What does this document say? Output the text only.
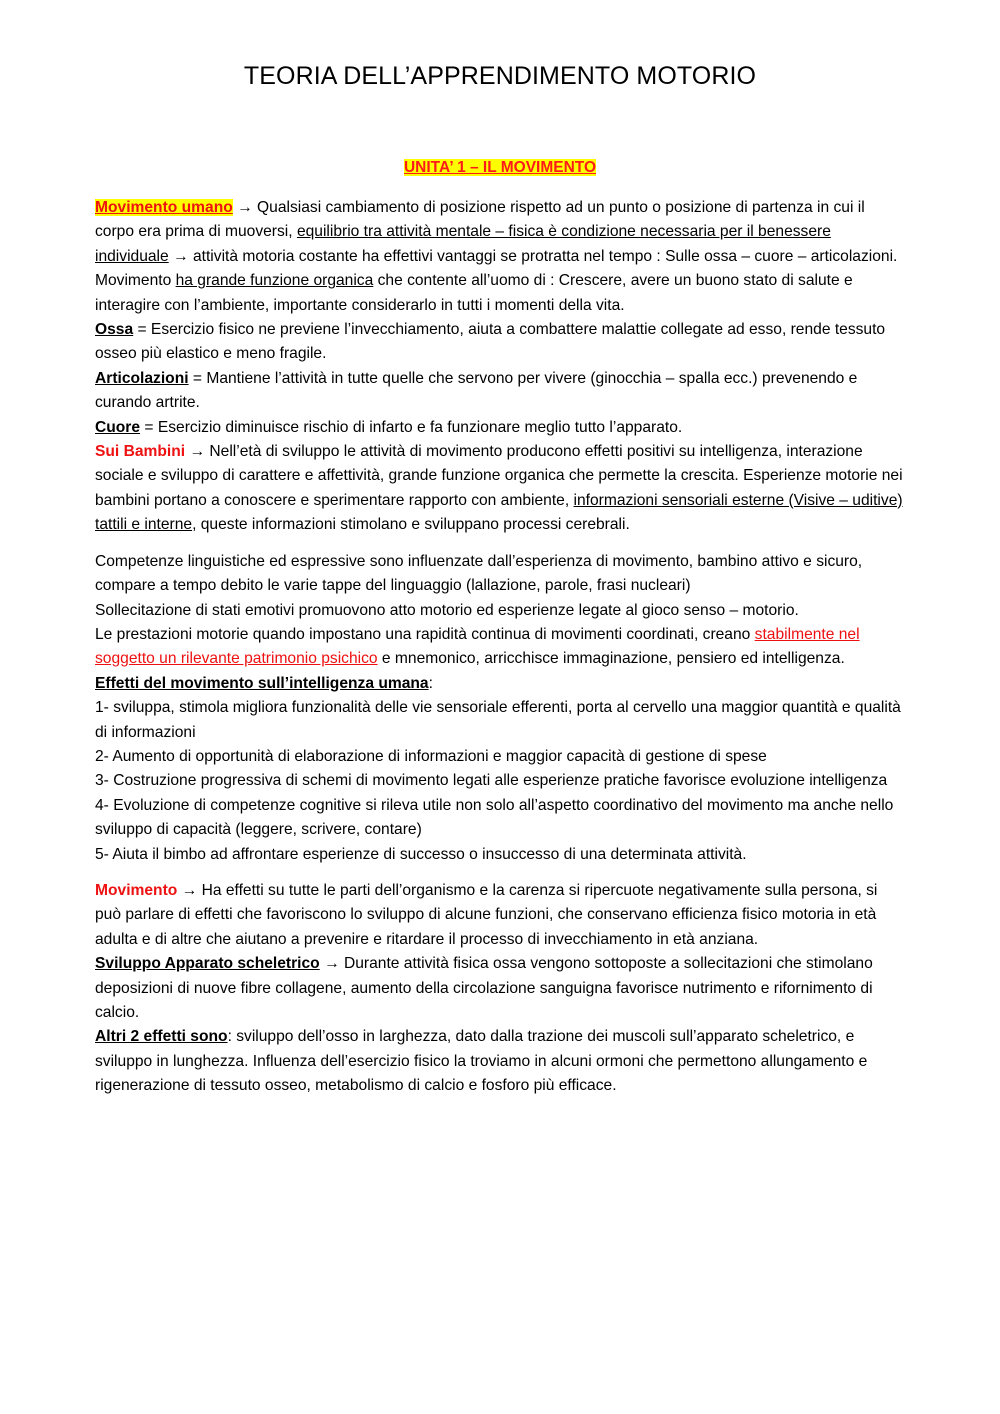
TEORIA DELL’APPRENDIMENTO MOTORIO
UNITA’ 1 – IL MOVIMENTO

Movimento umano → Qualsiasi cambiamento di posizione rispetto ad un punto o posizione di partenza in cui il corpo era prima di muoversi, equilibrio tra attività mentale – fisica è condizione necessaria per il benessere individuale → attività motoria costante ha effettivi vantaggi se protratta nel tempo : Sulle ossa – cuore – articolazioni.

Movimento ha grande funzione organica che contente all’uomo di : Crescere, avere un buono stato di salute e interagire con l’ambiente, importante considerarlo in tutti i momenti della vita.

Ossa = Esercizio fisico ne previene l’invecchiamento, aiuta a combattere malattie collegate ad esso, rende tessuto osseo più elastico e meno fragile.

Articolazioni = Mantiene l’attività in tutte quelle che servono per vivere (ginocchia – spalla ecc.) prevenendo e curando artrite.

Cuore = Esercizio diminuisce rischio di infarto e fa funzionare meglio tutto l’apparato.

Sui Bambini → Nell’età di sviluppo le attività di movimento producono effetti positivi su intelligenza, interazione sociale e sviluppo di carattere e affettività, grande funzione organica che permette la crescita. Esperienze motorie nei bambini portano a conoscere e sperimentare rapporto con ambiente, informazioni sensoriali esterne (Visive – uditive) tattili e interne, queste informazioni stimolano e sviluppano processi cerebrali.

Competenze linguistiche ed espressive sono influenzate dall’esperienza di movimento, bambino attivo e sicuro, compare a tempo debito le varie tappe del linguaggio (lallazione, parole, frasi nucleari)

Sollecitazione di stati emotivi promuovono atto motorio ed esperienze legate al gioco senso – motorio.

Le prestazioni motorie quando impostano una rapidità continua di movimenti coordinati, creano stabilmente nel soggetto un rilevante patrimonio psichico e mnemonico, arricchisce immaginazione, pensiero ed intelligenza.

Effetti del movimento sull’intelligenza umana:

1- sviluppa, stimola migliora funzionalità delle vie sensoriale efferenti, porta al cervello una maggior quantità e qualità di informazioni

2- Aumento di opportunità di elaborazione di informazioni e maggior capacità di gestione di spese

3- Costruzione progressiva di schemi di movimento legati alle esperienze pratiche favorisce evoluzione intelligenza

4- Evoluzione di competenze cognitive si rileva utile non solo all’aspetto coordinativo del movimento ma anche nello sviluppo di capacità (leggere, scrivere, contare)

5- Aiuta il bimbo ad affrontare esperienze di successo o insuccesso di una determinata attività.

Movimento → Ha effetti su tutte le parti dell’organismo e la carenza si ripercuote negativamente sulla persona, si può parlare di effetti che favoriscono lo sviluppo di alcune funzioni, che conservano efficienza fisico motoria in età adulta e di altre che aiutano a prevenire e ritardare il processo di invecchiamento in età anziana.

Sviluppo Apparato scheletrico → Durante attività fisica ossa vengono sottoposte a sollecitazioni che stimolano deposizioni di nuove fibre collagene, aumento della circolazione sanguigna favorisce nutrimento e rifornimento di calcio.

Altri 2 effetti sono: sviluppo dell’osso in larghezza, dato dalla trazione dei muscoli sull’apparato scheletrico, e sviluppo in lunghezza. Influenza dell’esercizio fisico la troviamo in alcuni ormoni che permettono allungamento e rigenerazione di tessuto osseo, metabolismo di calcio e fosforo più efficace.
